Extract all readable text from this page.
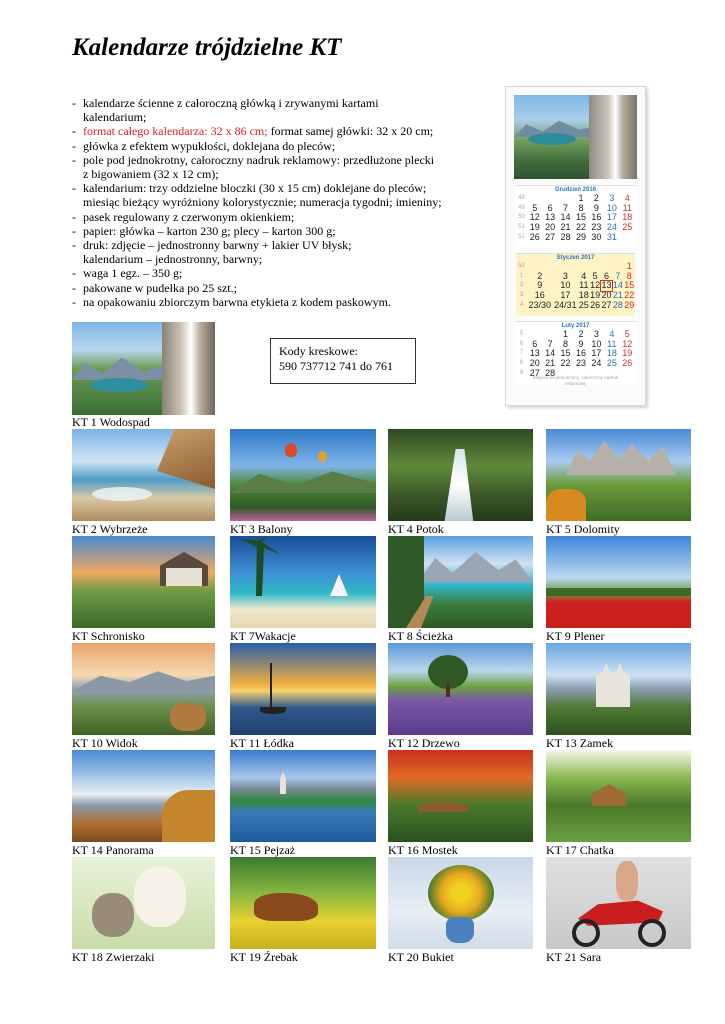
Kalendarze trójdzielne KT
- kalendarze ścienne z całoroczną główką i zrywanymi kartami
kalendarium;
- format całego kalendarza: 32 x 86 cm; format samej główki: 32 x 20 cm;
- główka z efektem wypukłości, doklejana do pleców;
- pole pod jednokrotny, całoroczny nadruk reklamowy: przedłużone plecki
z bigowaniem (32 x 12 cm);
- kalendarium: trzy oddzielne bloczki (30 x 15 cm) doklejane do pleców;
miesiąc bieżący wyróżniony kolorystycznie; numeracja tygodni; imieniny;
- pasek regulowany z czerwonym okienkiem;
- papier: główka – karton 230 g; plecy – karton 300 g;
- druk: zdjęcie – jednostronny barwny + lakier UV błysk;
kalendarium – jednostronny, barwny;
- waga 1 egz. – 350 g;
- pakowane w pudełka po 25 szt.;
- na opakowaniu zbiorczym barwna etykieta z kodem paskowym.
Kody kreskowe:
590 737712 741 do 761
Grudzień 2016
48				1	2	3	4
49	5	6	7	8	9	10	11
50	12	13	14	15	16	17	18
51	19	20	21	22	23	24	25
52	26	27	28	29	30	31	
Styczeń 2017
52							1
1	2	3	4	5	6	7	8
2	9	10	11	12	13	14	15
3	16	17	18	19	20	21	22
4	23/30	24/31	25	26	27	28	29
Luty 2017
5			1	2	3	4	5
6	6	7	8	9	10	11	12
7	13	14	15	16	17	18	19
8	20	21	22	23	24	25	26
9	27	28					
Miejsce na jednokrotny, całoroczny nadruk reklamowy
KT 1 Wodospad
KT 2 Wybrzeże	KT 3 Balony	KT 4 Potok	KT 5 Dolomity
KT Schronisko	KT 7Wakacje	KT 8 Ścieżka	KT 9 Plener
KT 10 Widok	KT 11 Łódka	KT 12 Drzewo	KT 13 Zamek
KT 14 Panorama	KT 15 Pejzaż	KT 16 Mostek	KT 17 Chatka
KT 18 Zwierzaki	KT 19 Źrebak	KT 20 Bukiet	KT 21 Sara
